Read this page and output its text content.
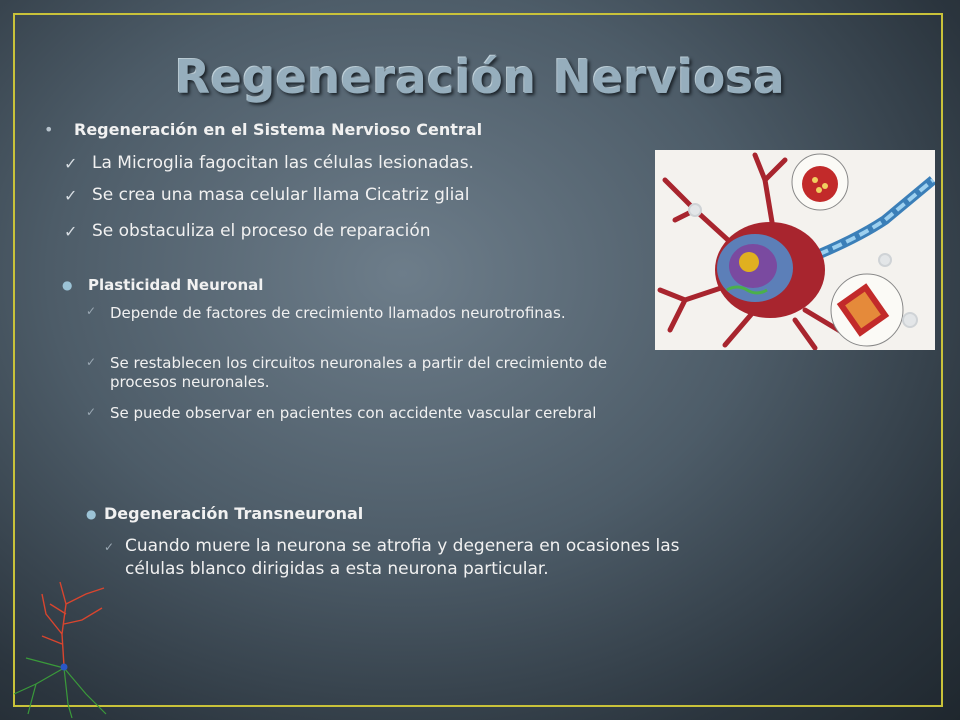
Regeneración Nerviosa
• Regeneración en el Sistema Nervioso Central
✓ La Microglia fagocitan las células lesionadas.
✓ Se crea una masa celular llama Cicatriz glial
✓ Se obstaculiza el proceso de reparación
● Plasticidad Neuronal
✓ Depende de factores de crecimiento llamados neurotrofinas.
✓ Se restablecen los circuitos neuronales a partir del crecimiento de procesos neuronales.
✓ Se puede observar en pacientes con accidente vascular cerebral
● Degeneración Transneuronal
✓ Cuando muere la neurona se atrofia y degenera en ocasiones las células blanco dirigidas a esta neurona particular.
